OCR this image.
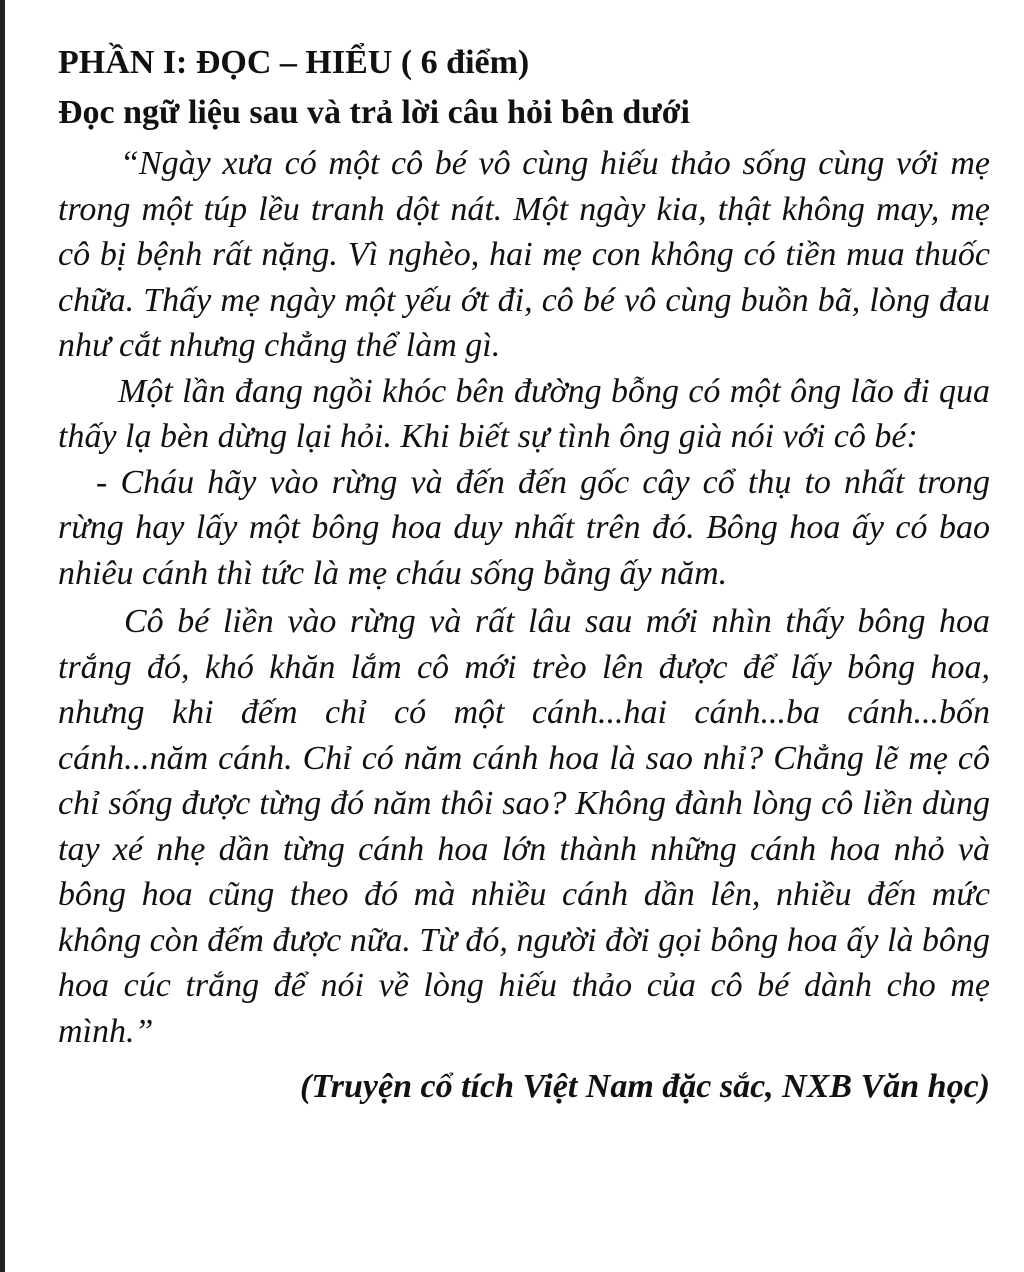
PHẦN I: ĐỌC – HIỂU ( 6 điểm)

Đọc ngữ liệu sau và trả lời câu hỏi bên dưới

“Ngày xưa có một cô bé vô cùng hiếu thảo sống cùng với mẹ trong một túp lều tranh dột nát. Một ngày kia, thật không may, mẹ cô bị bệnh rất nặng. Vì nghèo, hai mẹ con không có tiền mua thuốc chữa. Thấy mẹ ngày một yếu ớt đi, cô bé vô cùng buồn bã, lòng đau như cắt nhưng chẳng thể làm gì.

Một lần đang ngồi khóc bên đường bỗng có một ông lão đi qua thấy lạ bèn dừng lại hỏi. Khi biết sự tình ông già nói với cô bé:

- Cháu hãy vào rừng và đến đến gốc cây cổ thụ to nhất trong rừng hay lấy một bông hoa duy nhất trên đó. Bông hoa ấy có bao nhiêu cánh thì tức là mẹ cháu sống bằng ấy năm.

Cô bé liền vào rừng và rất lâu sau mới nhìn thấy bông hoa trắng đó, khó khăn lắm cô mới trèo lên được để lấy bông hoa, nhưng khi đếm chỉ có một cánh...hai cánh...ba cánh...bốn cánh...năm cánh. Chỉ có năm cánh hoa là sao nhỉ? Chẳng lẽ mẹ cô chỉ sống được từng đó năm thôi sao? Không đành lòng cô liền dùng tay xé nhẹ dần từng cánh hoa lớn thành những cánh hoa nhỏ và bông hoa cũng theo đó mà nhiều cánh dần lên, nhiều đến mức không còn đếm được nữa. Từ đó, người đời gọi bông hoa ấy là bông hoa cúc trắng để nói về lòng hiếu thảo của cô bé dành cho mẹ mình.”

(Truyện cổ tích Việt Nam đặc sắc, NXB Văn học)
